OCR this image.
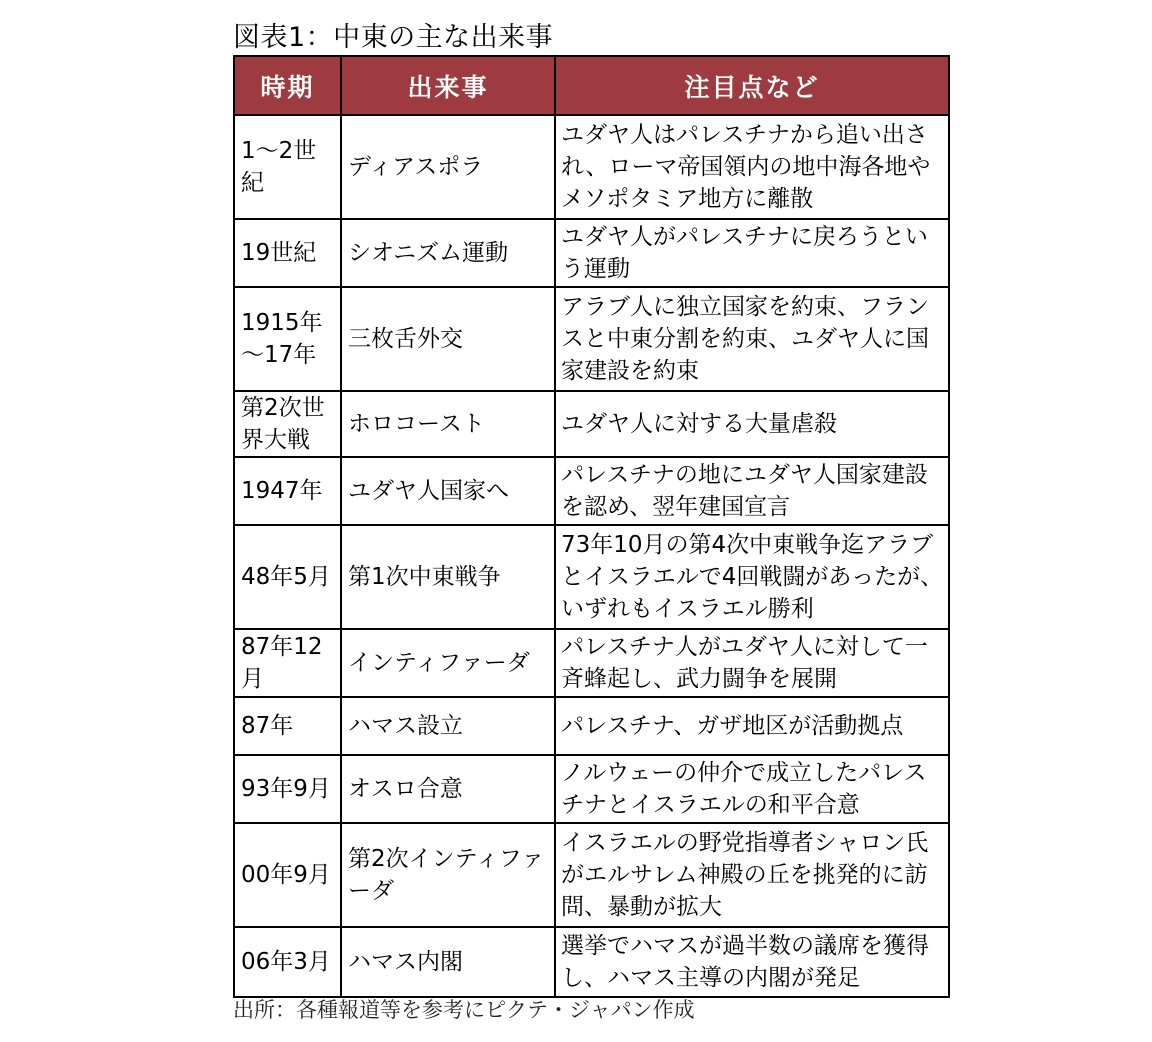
図表1：中東の主な出来事
時期	出来事	注目点など
1～2世紀	ディアスポラ	ユダヤ人はパレスチナから追い出され、ローマ帝国領内の地中海各地やメソポタミア地方に離散
19世紀	シオニズム運動	ユダヤ人がパレスチナに戻ろうという運動
1915年～17年	三枚舌外交	アラブ人に独立国家を約束、フランスと中東分割を約束、ユダヤ人に国家建設を約束
第2次世界大戦	ホロコースト	ユダヤ人に対する大量虐殺
1947年	ユダヤ人国家へ	パレスチナの地にユダヤ人国家建設を認め、翌年建国宣言
48年5月	第1次中東戦争	73年10月の第4次中東戦争迄アラブとイスラエルで4回戦闘があったが、いずれもイスラエル勝利
87年12月	インティファーダ	パレスチナ人がユダヤ人に対して一斉蜂起し、武力闘争を展開
87年	ハマス設立	パレスチナ、ガザ地区が活動拠点
93年9月	オスロ合意	ノルウェーの仲介で成立したパレスチナとイスラエルの和平合意
00年9月	第2次インティファーダ	イスラエルの野党指導者シャロン氏がエルサレム神殿の丘を挑発的に訪問、暴動が拡大
06年3月	ハマス内閣	選挙でハマスが過半数の議席を獲得し、ハマス主導の内閣が発足
出所：各種報道等を参考にピクテ・ジャパン作成
